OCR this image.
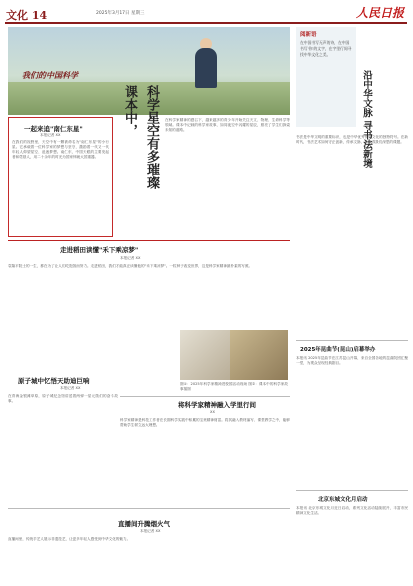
文化 14	2025年3月17日 星期三	人民日报
我们的中国科学
一起来追"南仁东星"
本报记者 XX
在我们的视野里，天空中有一颗被命名为"南仁东星"的小行星。它承载着一位科学家的梦想与坚守，激励着一代又一代年轻人仰望星空、追逐梦想。南仁东，中国天眼的主要发起者和奠基人，用二十余年的时光为国家铸就大国重器。
课本中， 科学星空有多璀璨 在科学家精神的感召下，越来越多的青少年开始关注天文、物理、生命科学等领域。课本中记载的科学家故事，如同夜空中闪耀的星辰，照亮了学生们探索未知的道路。
阅新语
在中国书写无声的诗，在中国书写'你'的文字，在字里行间寻找中华文化之美。
沿中华文脉 寻书法新境
书法是中华文明的重要标识，也是中华优秀传统文化的独特符号。在新时代，书法艺术如何守正创新，传承文脉，是值得我们深思的课题。
走进稻田读懂"禾下乘凉梦"
本报记者 XX
袁隆平院士的一生，都在为了让人们吃饱饭而努力。走进稻田，我们才能真正读懂他的"禾下乘凉梦"。一粒种子改变世界，这是科学家精神最朴素的写照。
图①：2025年科学家精神进校园活动现场 图②：课本中的科学家故事插图
原子城中忆悟天助迪巨响
本报记者 XX
在青海金银滩草原，原子城纪念馆讲述着两弹一星元勋们的奋斗故事。	将科学家精神融入学里行间
XX
科学家精神是科技工作者在长期科学实践中积累的宝贵精神财富。将其融入教材编写、课堂教学之中，能够帮助学生树立远大理想。
2025年昆曲节(昆山)启幕举办
本报讯 2025年昆曲节在江苏昆山开幕，来自全国各地的昆曲院团汇聚一堂，为观众呈现经典剧目。
北京东城文化月启动
本报讯 北京东城文化月近日启动，系列文化活动陆续展开，丰富市民精神文化生活。
直播间升腾烟火气
本报记者 XX
直播间里，传统手艺人展示非遗技艺，让更多年轻人感受到中华文化的魅力。
